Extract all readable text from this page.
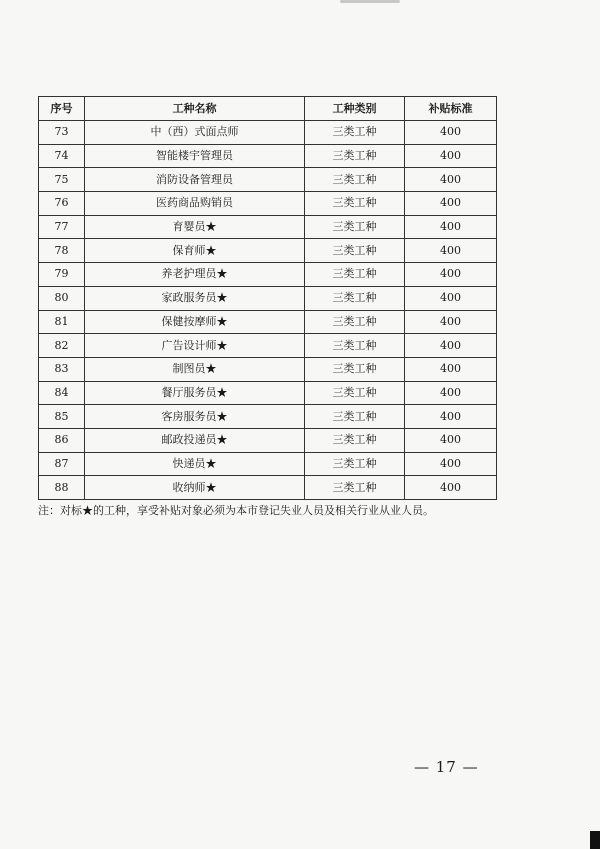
序号	工种名称	工种类别	补贴标准
73	中（西）式面点师	三类工种	400
74	智能楼宇管理员	三类工种	400
75	消防设备管理员	三类工种	400
76	医药商品购销员	三类工种	400
77	育婴员★	三类工种	400
78	保育师★	三类工种	400
79	养老护理员★	三类工种	400
80	家政服务员★	三类工种	400
81	保健按摩师★	三类工种	400
82	广告设计师★	三类工种	400
83	制图员★	三类工种	400
84	餐厅服务员★	三类工种	400
85	客房服务员★	三类工种	400
86	邮政投递员★	三类工种	400
87	快递员★	三类工种	400
88	收纳师★	三类工种	400
注：对标★的工种，享受补贴对象必须为本市登记失业人员及相关行业从业人员。
— 17 —
